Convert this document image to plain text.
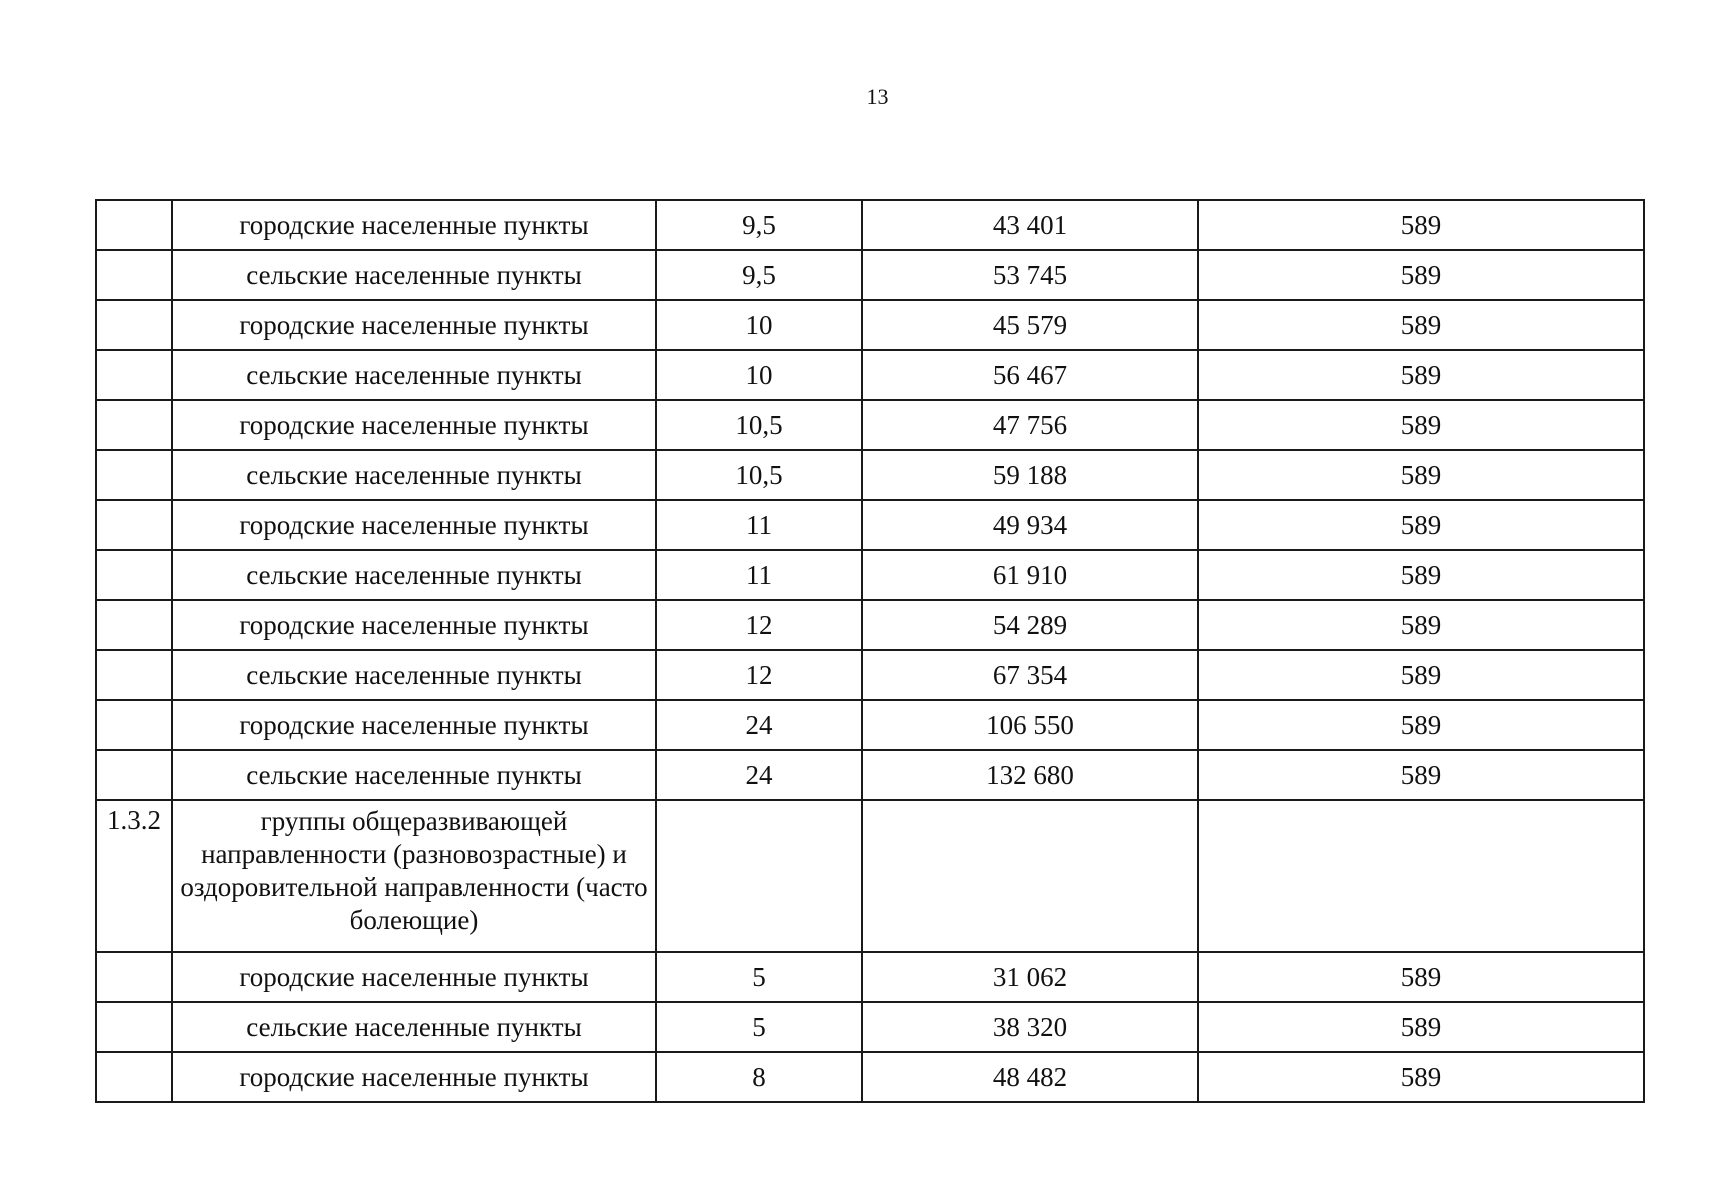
13
	городские населенные пункты	9,5	43 401	589
	сельские населенные пункты	9,5	53 745	589
	городские населенные пункты	10	45 579	589
	сельские населенные пункты	10	56 467	589
	городские населенные пункты	10,5	47 756	589
	сельские населенные пункты	10,5	59 188	589
	городские населенные пункты	11	49 934	589
	сельские населенные пункты	11	61 910	589
	городские населенные пункты	12	54 289	589
	сельские населенные пункты	12	67 354	589
	городские населенные пункты	24	106 550	589
	сельские населенные пункты	24	132 680	589
1.3.2	группы общеразвивающей направленности (разновозрастные) и оздоровительной направленности (часто болеющие)			
	городские населенные пункты	5	31 062	589
	сельские населенные пункты	5	38 320	589
	городские населенные пункты	8	48 482	589
